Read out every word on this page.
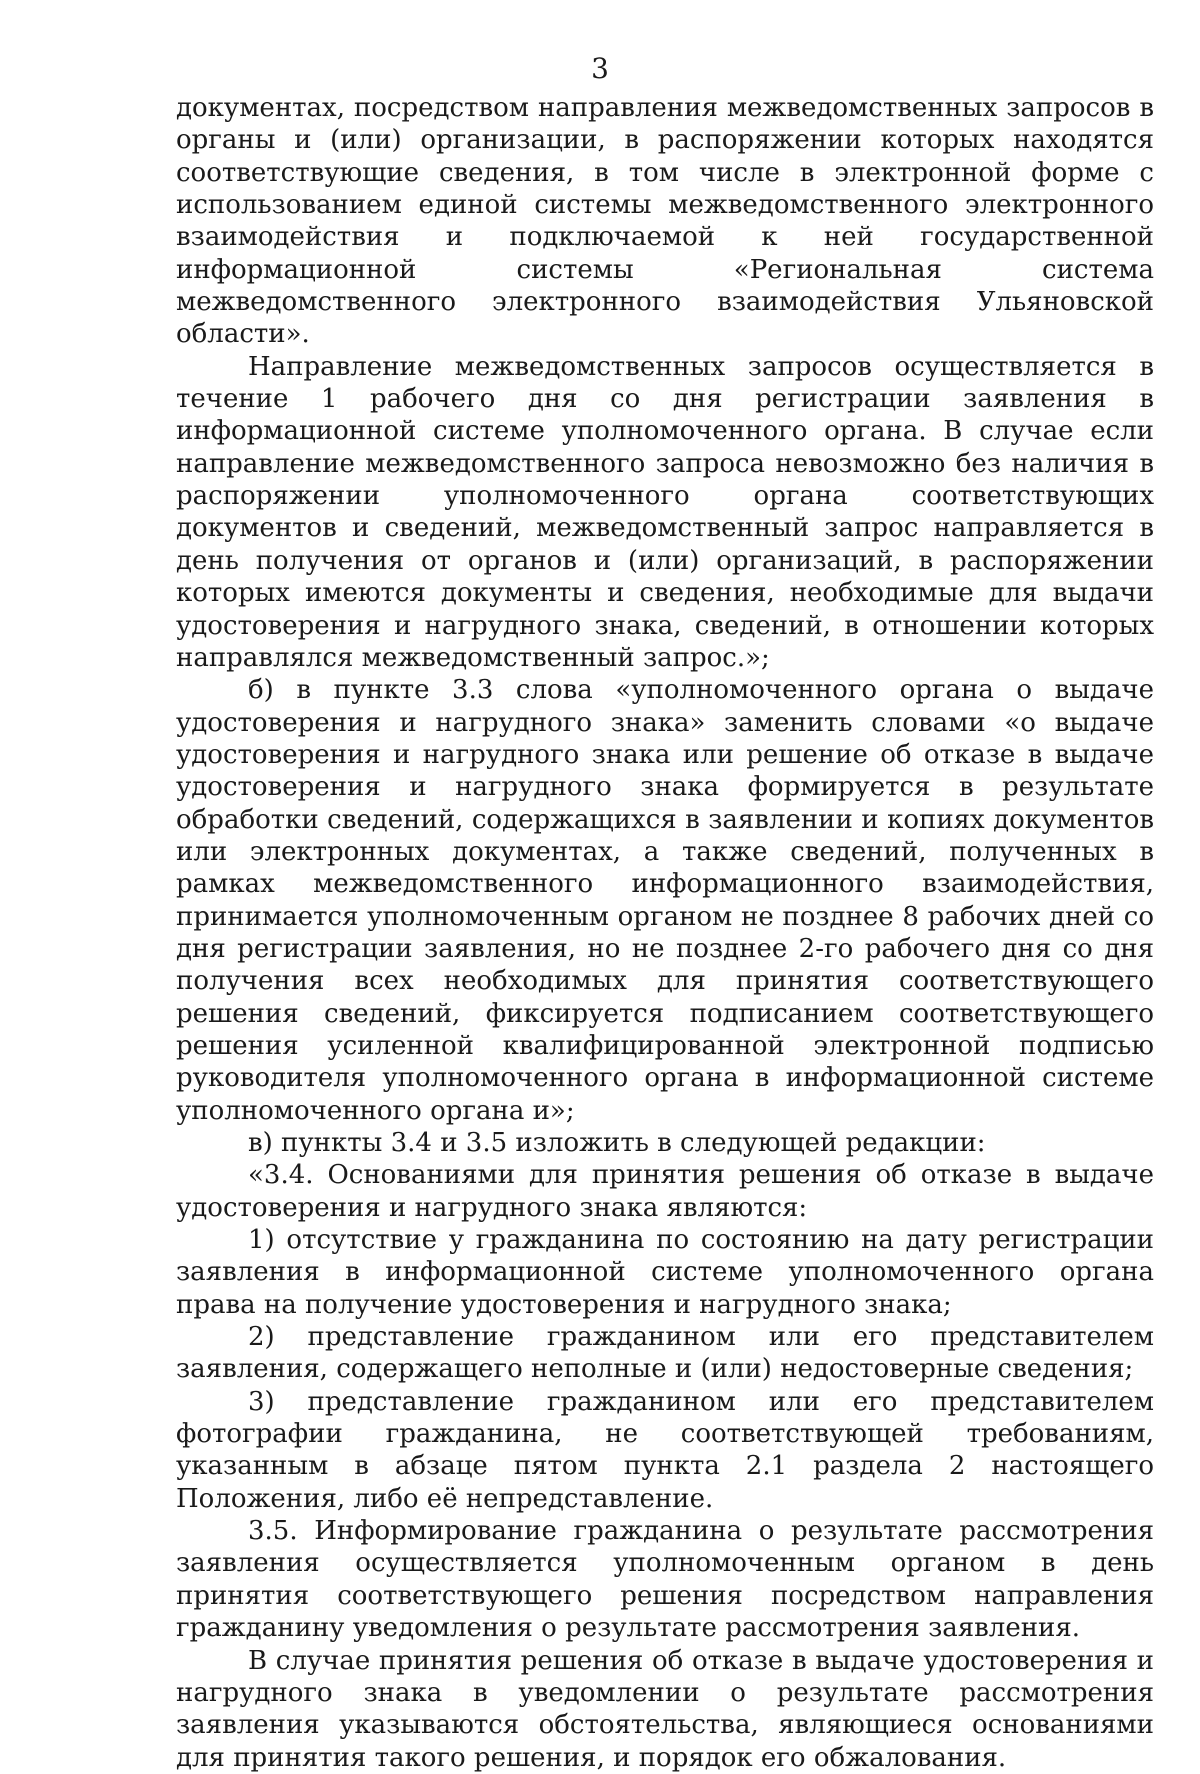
3

документах, посредством направления межведомственных запросов в органы и (или) организации, в распоряжении которых находятся соответствующие сведения, в том числе в электронной форме с использованием единой системы межведомственного электронного взаимодействия и подключаемой к ней государственной информационной системы «Региональная система межведомственного электронного взаимодействия Ульяновской области».

Направление межведомственных запросов осуществляется в течение 1 рабочего дня со дня регистрации заявления в информационной системе уполномоченного органа. В случае если направление межведомственного запроса невозможно без наличия в распоряжении уполномоченного органа соответствующих документов и сведений, межведомственный запрос направляется в день получения от органов и (или) организаций, в распоряжении которых имеются документы и сведения, необходимые для выдачи удостоверения и нагрудного знака, сведений, в отношении которых направлялся межведомственный запрос.»;

б) в пункте 3.3 слова «уполномоченного органа о выдаче удостоверения и нагрудного знака» заменить словами «о выдаче удостоверения и нагрудного знака или решение об отказе в выдаче удостоверения и нагрудного знака формируется в результате обработки сведений, содержащихся в заявлении и копиях документов или электронных документах, а также сведений, полученных в рамках межведомственного информационного взаимодействия, принимается уполномоченным органом не позднее 8 рабочих дней со дня регистрации заявления, но не позднее 2-го рабочего дня со дня получения всех необходимых для принятия соответствующего решения сведений, фиксируется подписанием соответствующего решения усиленной квалифицированной электронной подписью руководителя уполномоченного органа в информационной системе уполномоченного органа и»;

в) пункты 3.4 и 3.5 изложить в следующей редакции:

«3.4. Основаниями для принятия решения об отказе в выдаче удостоверения и нагрудного знака являются:

1) отсутствие у гражданина по состоянию на дату регистрации заявления в информационной системе уполномоченного органа права на получение удостоверения и нагрудного знака;

2) представление гражданином или его представителем заявления, содержащего неполные и (или) недостоверные сведения;

3) представление гражданином или его представителем фотографии гражданина, не соответствующей требованиям, указанным в абзаце пятом пункта 2.1 раздела 2 настоящего Положения, либо её непредставление.

3.5. Информирование гражданина о результате рассмотрения заявления осуществляется уполномоченным органом в день принятия соответствующего решения посредством направления гражданину уведомления о результате рассмотрения заявления.

В случае принятия решения об отказе в выдаче удостоверения и нагрудного знака в уведомлении о результате рассмотрения заявления указываются обстоятельства, являющиеся основаниями для принятия такого решения, и порядок его обжалования.
